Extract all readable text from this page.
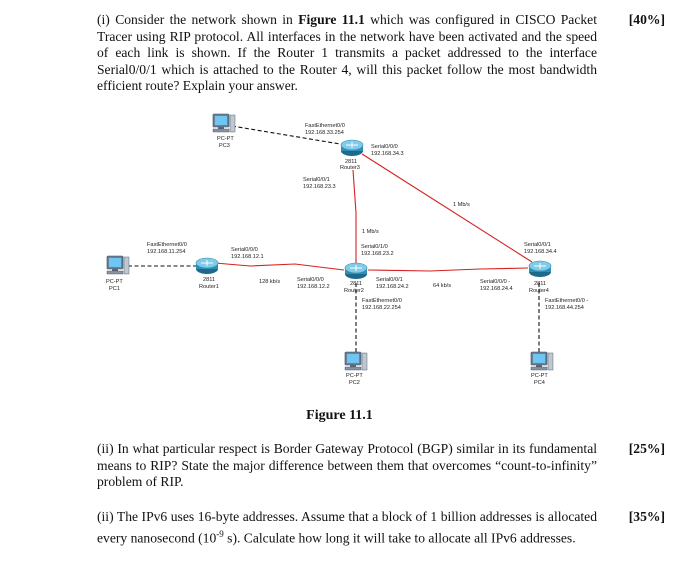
(i) Consider the network shown in Figure 11.1 which was configured in CISCO Packet Tracer using RIP protocol. All interfaces in the network have been activated and the speed of each link is shown. If the Router 1 transmits a packet addressed to the interface Serial0/0/1 which is attached to the Router 4, will this packet follow the most bandwidth efficient route? Explain your answer.

[40%]
PC-PT
PC3
2811
Router3
PC-PT
PC1
2811
Router1	2811
Router2
2811
Router4
PC-PT
PC2
PC-PT
PC4
FastEthernet0/0
192.168.33.254
Serial0/0/0
192.168.34.3
Serial0/0/1
192.168.23.3
FastEthernet0/0
192.168.11.254	Serial0/0/0
192.168.12.1
Serial0/1/0
192.168.23.2
Serial0/0/0
192.168.12.2
Serial0/0/1
192.168.24.2
FastEthernet0/0
192.168.22.254
Serial0/0/1
192.168.34.4
Serial0/0/0 -
192.168.24.4
FastEthernet0/0 -
192.168.44.254
1 Mb/s
1 Mb/s
128 kb/s
64 kb/s
Figure 11.1

(ii) In what particular respect is Border Gateway Protocol (BGP) similar in its fundamental means to RIP? State the major difference between them that overcomes “count-to-infinity” problem of RIP.

[25%]

(ii) The IPv6 uses 16-byte addresses. Assume that a block of 1 billion addresses is allocated every nanosecond ($10^{-9}$ s). Calculate how long it will take to allocate all IPv6 addresses.

[35%]
